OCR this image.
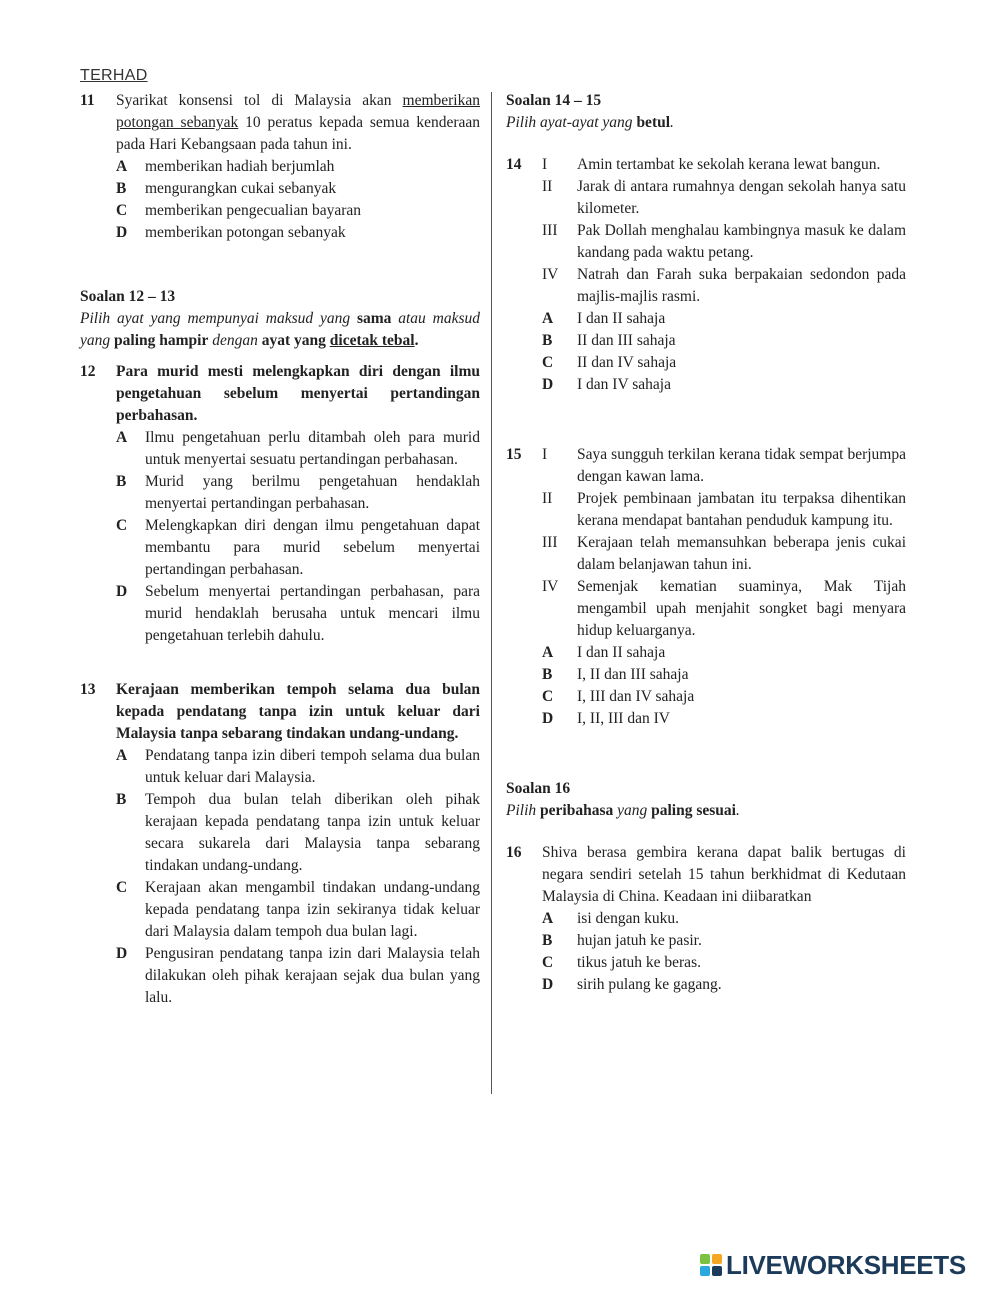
TERHAD
11	Syarikat konsensi tol di Malaysia akan memberikan potongan sebanyak 10 peratus kepada semua kenderaan pada Hari Kebangsaan pada tahun ini.
A	memberikan hadiah berjumlah
B	mengurangkan cukai sebanyak
C	memberikan pengecualian bayaran
D	memberikan potongan sebanyak
Soalan 12 – 13
Pilih ayat yang mempunyai maksud yang sama atau maksud yang paling hampir dengan ayat yang dicetak tebal.
12	Para murid mesti melengkapkan diri dengan ilmu pengetahuan sebelum menyertai pertandingan perbahasan.
A	Ilmu pengetahuan perlu ditambah oleh para murid untuk menyertai sesuatu pertandingan perbahasan.
B	Murid yang berilmu pengetahuan hendaklah menyertai pertandingan perbahasan.
C	Melengkapkan diri dengan ilmu pengetahuan dapat membantu para murid sebelum menyertai pertandingan perbahasan.
D	Sebelum menyertai pertandingan perbahasan, para murid hendaklah berusaha untuk mencari ilmu pengetahuan terlebih dahulu.
13	Kerajaan memberikan tempoh selama dua bulan kepada pendatang tanpa izin untuk keluar dari Malaysia tanpa sebarang tindakan undang-undang.
A	Pendatang tanpa izin diberi tempoh selama dua bulan untuk keluar dari Malaysia.
B	Tempoh dua bulan telah diberikan oleh pihak kerajaan kepada pendatang tanpa izin untuk keluar secara sukarela dari Malaysia tanpa sebarang tindakan undang-undang.
C	Kerajaan akan mengambil tindakan undang-undang kepada pendatang tanpa izin sekiranya tidak keluar dari Malaysia dalam tempoh dua bulan lagi.
D	Pengusiran pendatang tanpa izin dari Malaysia telah dilakukan oleh pihak kerajaan sejak dua bulan yang lalu.
Soalan 14 – 15
Pilih ayat-ayat yang betul.
14	I	Amin tertambat ke sekolah kerana lewat bangun.
II	Jarak di antara rumahnya dengan sekolah hanya satu kilometer.
III	Pak Dollah menghalau kambingnya masuk ke dalam kandang pada waktu petang.
IV	Natrah dan Farah suka berpakaian sedondon pada majlis-majlis rasmi.
A	I dan II sahaja
B	II dan III sahaja
C	II dan IV sahaja
D	I dan IV sahaja
15	I	Saya sungguh terkilan kerana tidak sempat berjumpa dengan kawan lama.
II	Projek pembinaan jambatan itu terpaksa dihentikan kerana mendapat bantahan penduduk kampung itu.
III	Kerajaan telah memansuhkan beberapa jenis cukai dalam belanjawan tahun ini.
IV	Semenjak kematian suaminya, Mak Tijah mengambil upah menjahit songket bagi menyara hidup keluarganya.
A	I dan II sahaja
B	I, II dan III sahaja
C	I, III dan IV sahaja
D	I, II, III dan IV
Soalan 16
Pilih peribahasa yang paling sesuai.
16	Shiva berasa gembira kerana dapat balik bertugas di negara sendiri setelah 15 tahun berkhidmat di Kedutaan Malaysia di China. Keadaan ini diibaratkan
A	isi dengan kuku.
B	hujan jatuh ke pasir.
C	tikus jatuh ke beras.
D	sirih pulang ke gagang.
LIVEWORKSHEETS
